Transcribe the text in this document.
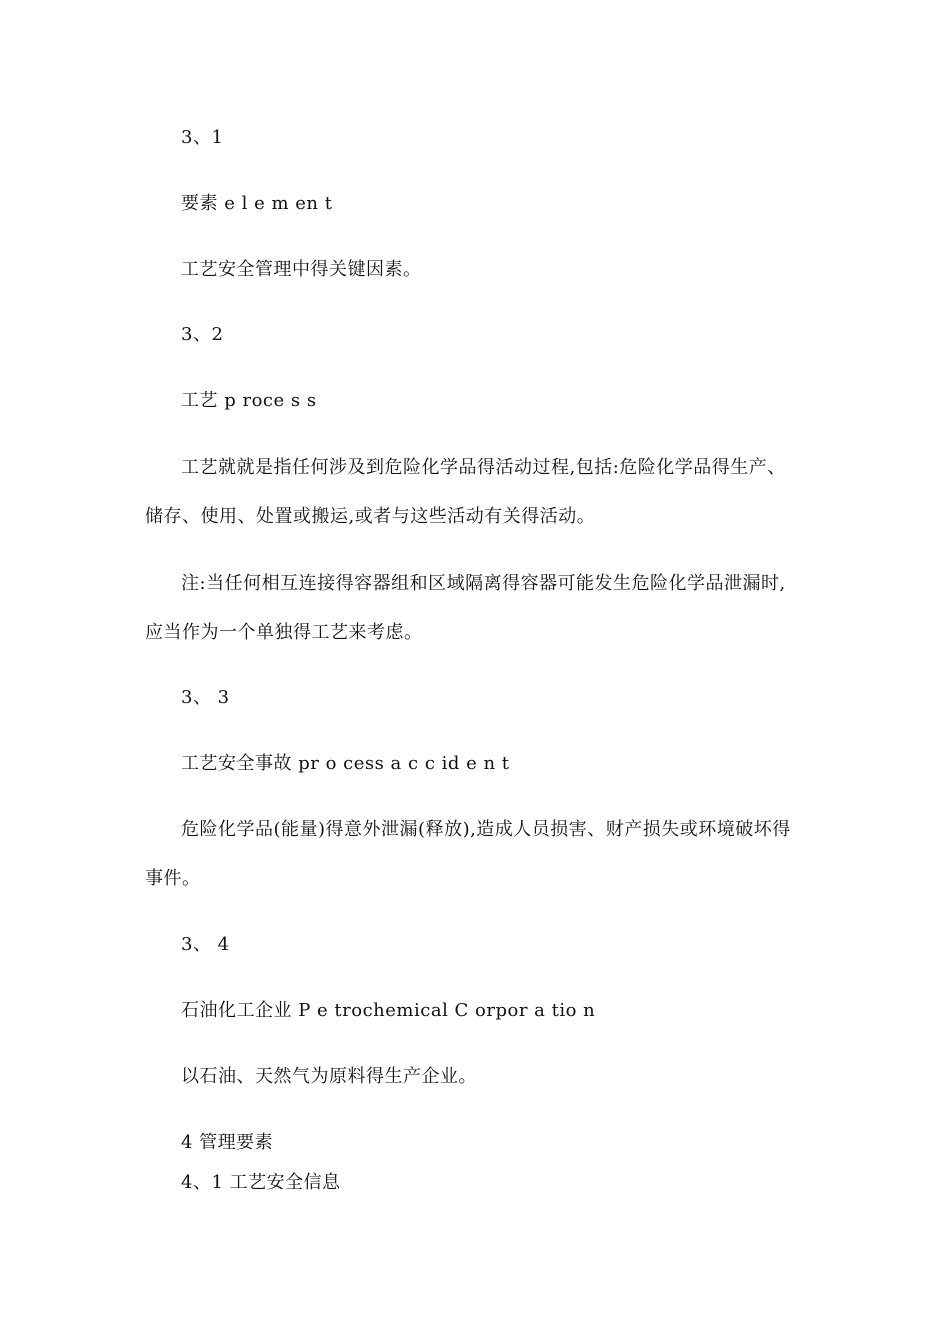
3、1
要素 e l e m en t
工艺安全管理中得关键因素。
3、2
工艺 p roce s s
工艺就就是指任何涉及到危险化学品得活动过程,包括:危险化学品得生产、
储存、使用、处置或搬运,或者与这些活动有关得活动。
注:当任何相互连接得容器组和区域隔离得容器可能发生危险化学品泄漏时,
应当作为一个单独得工艺来考虑。
3、 3
工艺安全事故 pr o cess a c c id e n t
危险化学品(能量)得意外泄漏(释放),造成人员损害、财产损失或环境破坏得
事件。
3、 4
石油化工企业 P e trochemical C orpor a tio n
以石油、天然气为原料得生产企业。
4 管理要素
4、1 工艺安全信息
